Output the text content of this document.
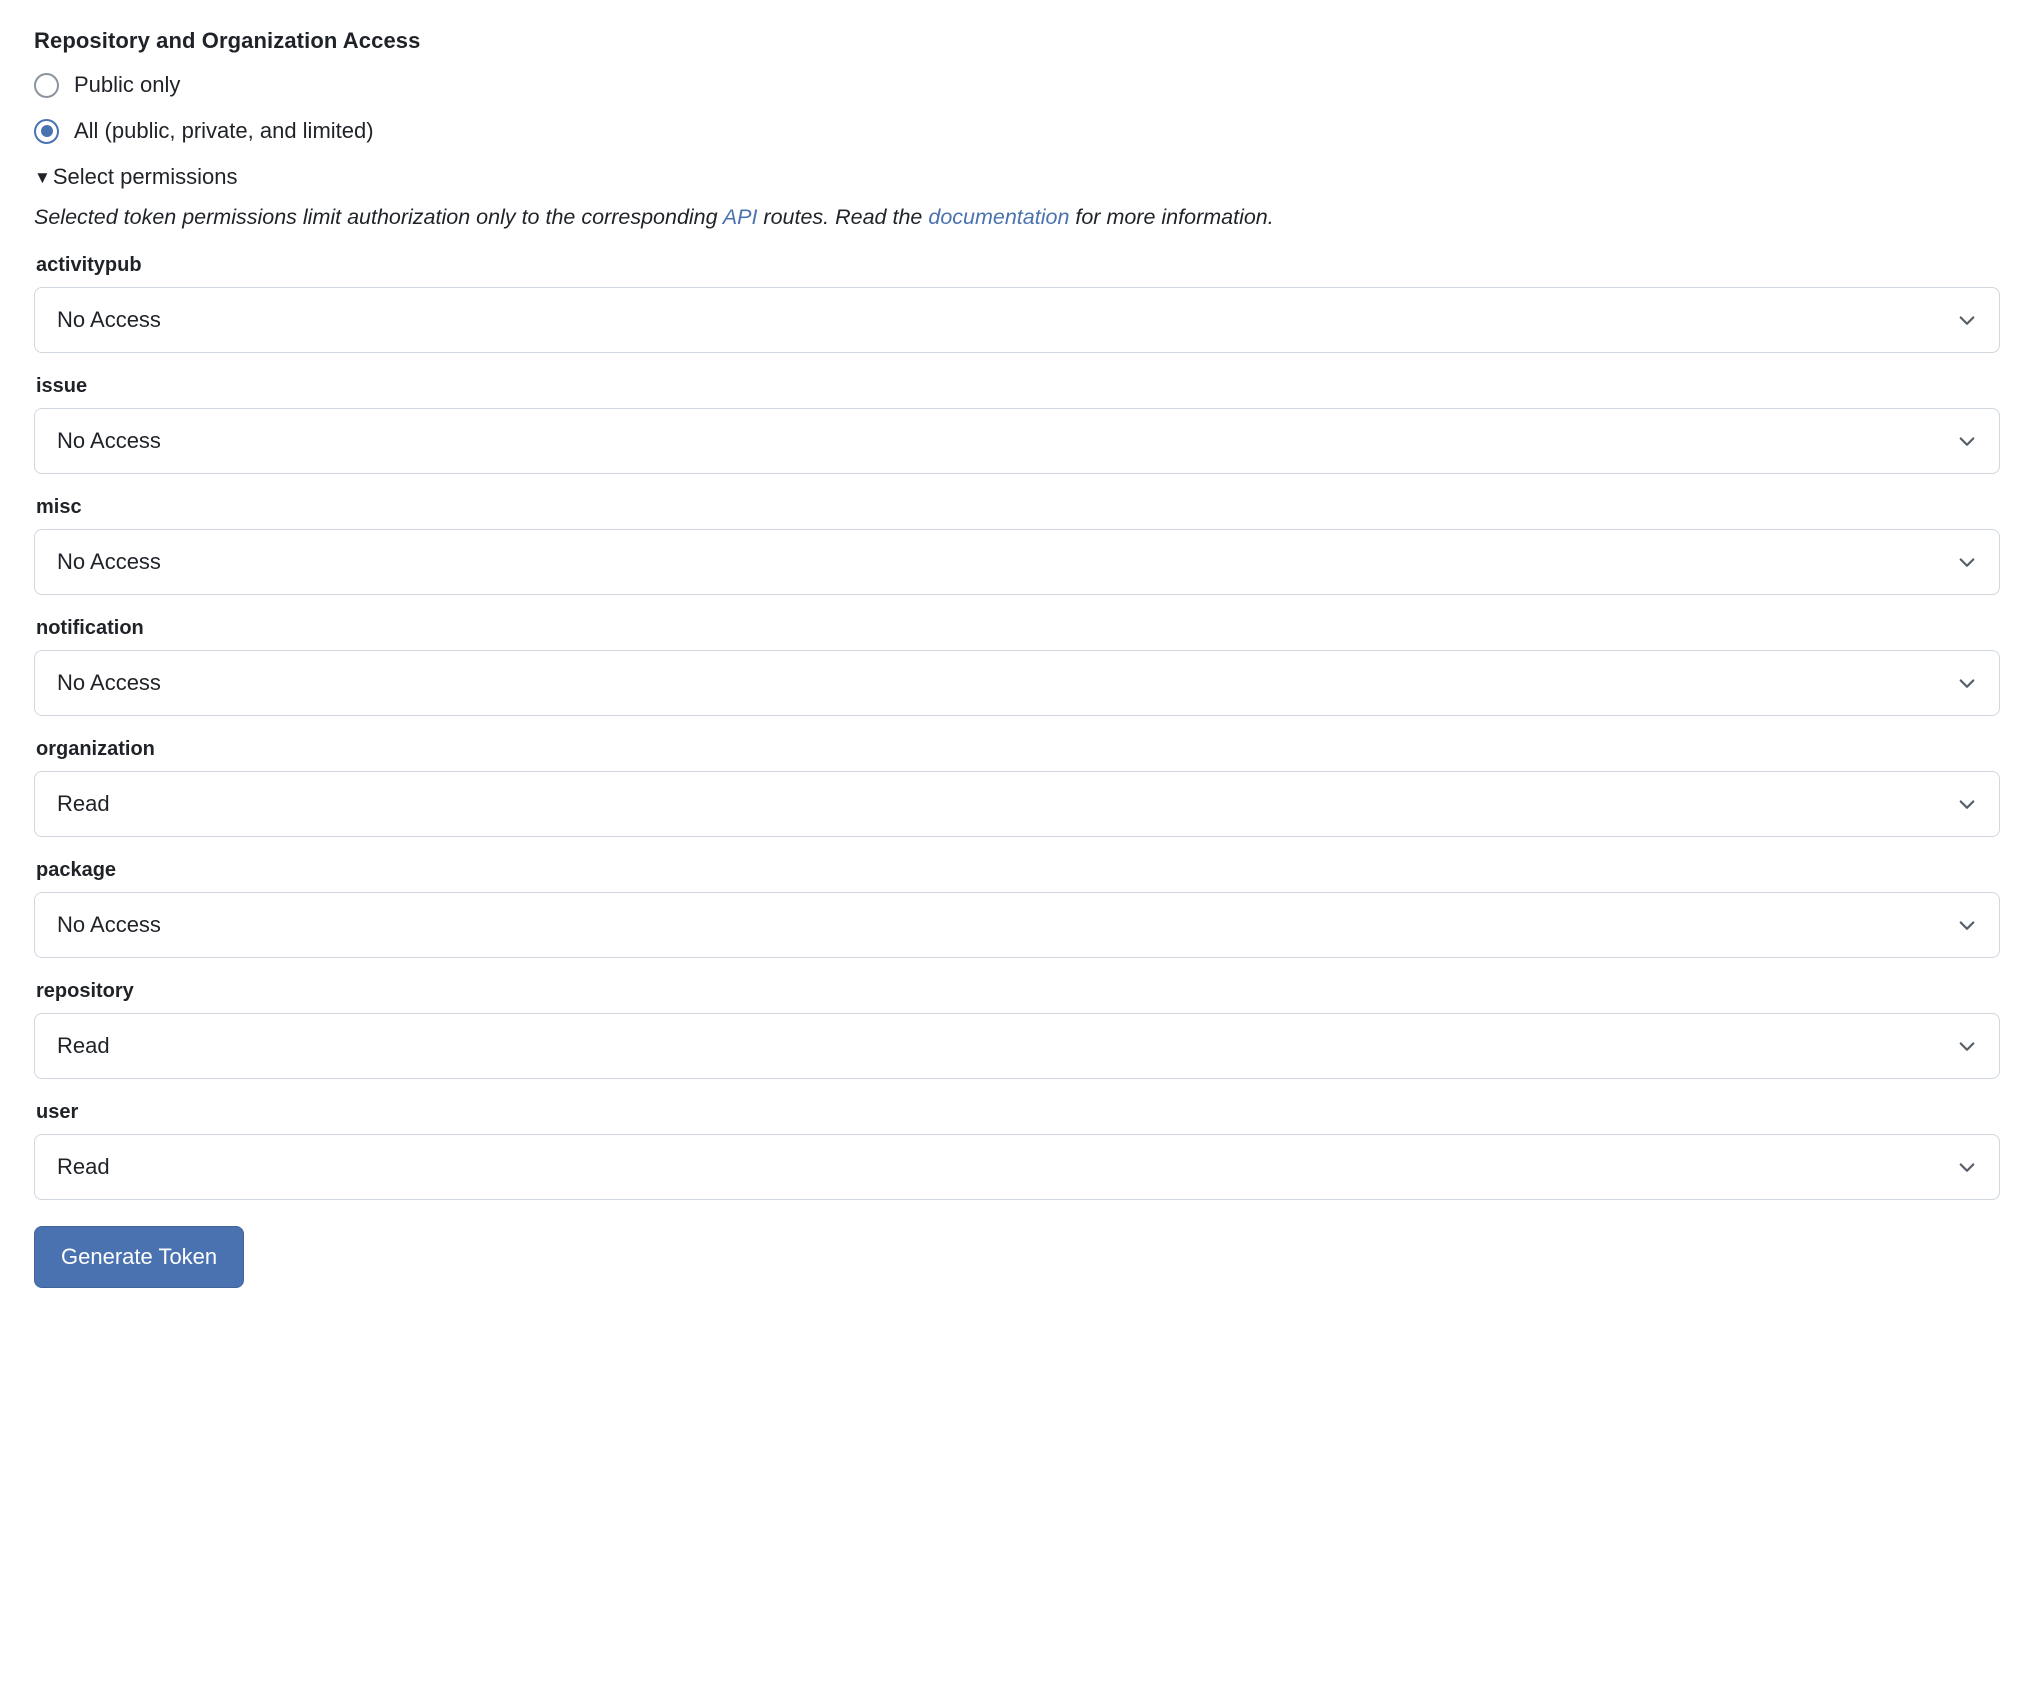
Repository and Organization Access
Public only
All (public, private, and limited)
▼ Select permissions
Selected token permissions limit authorization only to the corresponding API routes. Read the documentation for more information.
activitypub
No Access
issue
No Access
misc
No Access
notification
No Access
organization
Read
package
No Access
repository
Read
user
Read
Generate Token
